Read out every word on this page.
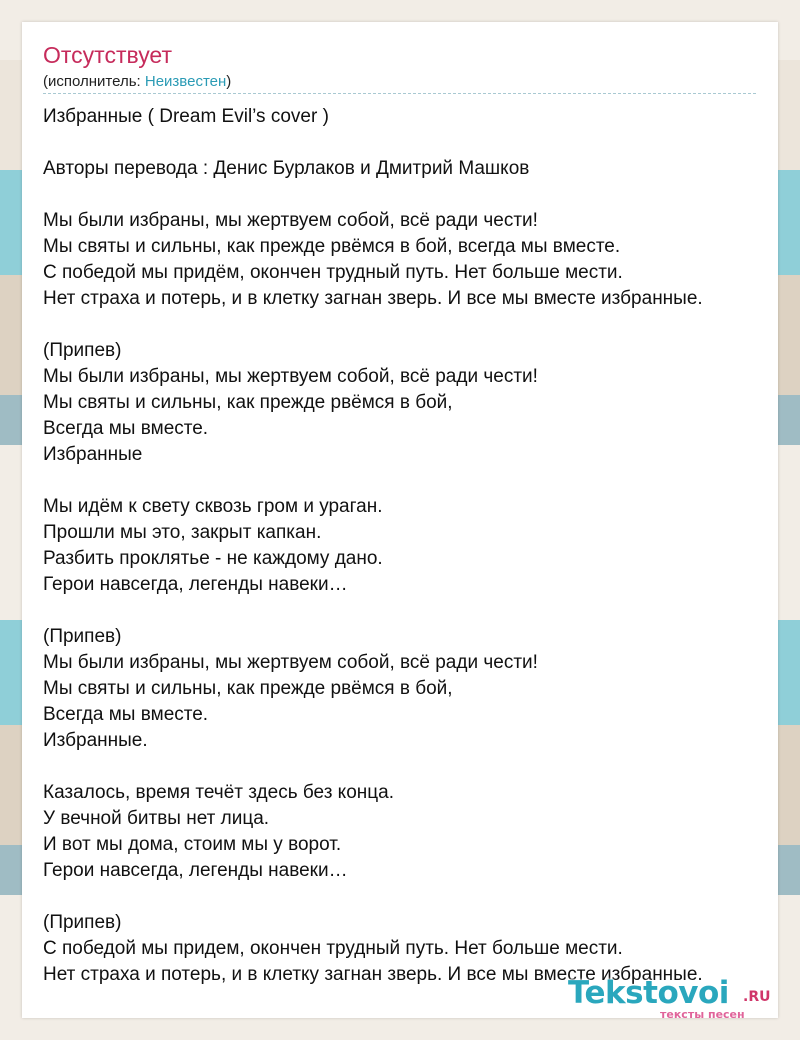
Отсутствует
(исполнитель: Неизвестен)
Избранные ( Dream Evil’s cover )
Авторы перевода : Денис Бурлаков и Дмитрий Машков
Мы были избраны, мы жертвуем собой, всё ради чести!
Мы святы и сильны, как прежде рвёмся в бой, всегда мы вместе.
С победой мы придём, окончен трудный путь. Нет больше мести.
Нет страха и потерь, и в клетку загнан зверь. И все мы вместе избранные.
(Припев)
Мы были избраны, мы жертвуем собой, всё ради чести!
Мы святы и сильны, как прежде рвёмся в бой,
Всегда мы вместе.
Избранные
Мы идём к свету сквозь гром и ураган.
Прошли мы это, закрыт капкан.
Разбить проклятье - не каждому дано.
Герои навсегда, легенды навеки…
(Припев)
Мы были избраны, мы жертвуем собой, всё ради чести!
Мы святы и сильны, как прежде рвёмся в бой,
Всегда мы вместе.
Избранные.
Казалось, время течёт здесь без конца.
У вечной битвы нет лица.
И вот мы дома, стоим мы у ворот.
Герои навсегда, легенды навеки…
(Припев)
С победой мы придем, окончен трудный путь. Нет больше мести.
Нет страха и потерь, и в клетку загнан зверь. И все мы вместе избранные.
Tekstovoi .RU
тексты песен
